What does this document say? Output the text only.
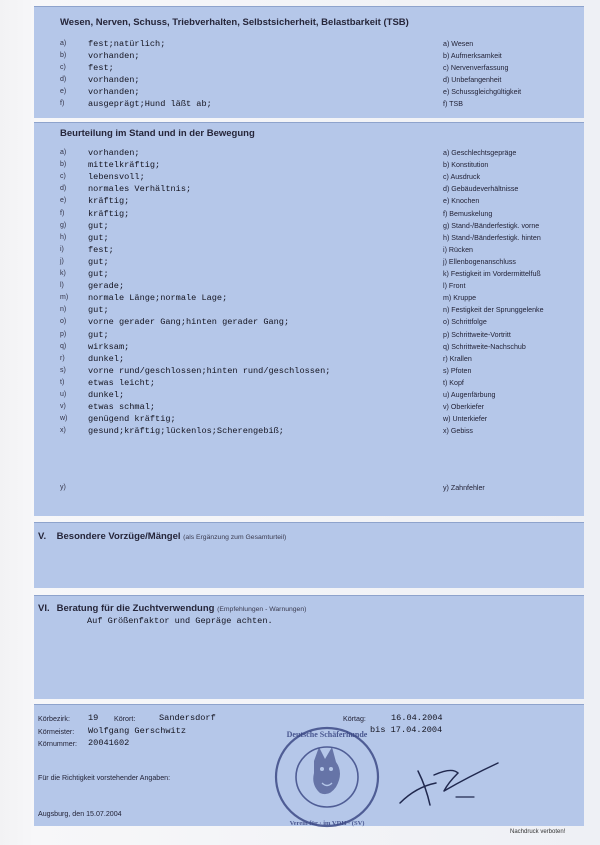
Wesen, Nerven, Schuss, Triebverhalten, Selbstsicherheit, Belastbarkeit (TSB)
a)	fest;natürlich;	a) Wesen
b)	vorhanden;	b) Aufmerksamkeit
c)	fest;	c) Nervenverfassung
d)	vorhanden;	d) Unbefangenheit
e)	vorhanden;	e) Schussgleichgültigkeit
f)	ausgeprägt;Hund läßt ab;	f) TSB
Beurteilung im Stand und in der Bewegung
a)	vorhanden;	a) Geschlechtsgepräge
b)	mittelkräftig;	b) Konstitution
c)	lebensvoll;	c) Ausdruck
d)	normales Verhältnis;	d) Gebäudeverhältnisse
e)	kräftig;	e) Knochen
f)	kräftig;	f) Bemuskelung
g)	gut;	g) Stand-/Bänderfestigk. vorne
h)	gut;	h) Stand-/Bänderfestigk. hinten
i)	fest;	i) Rücken
j)	gut;	j) Ellenbogenanschluss
k)	gut;	k) Festigkeit im Vordermittelfuß
l)	gerade;	l) Front
m) normale Länge;normale Lage;	m) Kruppe
n)	gut;	n) Festigkeit der Sprunggelenke
o)	vorne gerader Gang;hinten gerader Gang;	o) Schrittfolge
p)	gut;	p) Schrittweite-Vortritt
q)	wirksam;	q) Schrittweite-Nachschub
r)	dunkel;	r) Krallen
s)	vorne rund/geschlossen;hinten rund/geschlossen;	s) Pfoten
t)	etwas leicht;	t) Kopf
u)	dunkel;	u) Augenfärbung
v)	etwas schmal;	v) Oberkiefer
w) genügend kräftig;	w) Unterkiefer
x)	gesund;kräftig;lückenlos;Scherengebiß;	x) Gebiss
y)	y) Zahnfehler
V. Besondere Vorzüge/Mängel (als Ergänzung zum Gesamturteil)
VI. Beratung für die Zuchtverwendung (Empfehlungen - Warnungen)
Auf Größenfaktor und Gepräge achten.
Körbezirk: 19 Körort:	Sandersdorf	Körtag:	16.04.2004
bis 17.04.2004
Körmeister: Wolfgang Gerschwitz
Körnummer: 20041602
Für die Richtigkeit vorstehender Angaben:
Augsburg, den 15.07.2004
Deutsche Schäferhunde
Verein für · im VDH · (SV)
Nachdruck verboten!
